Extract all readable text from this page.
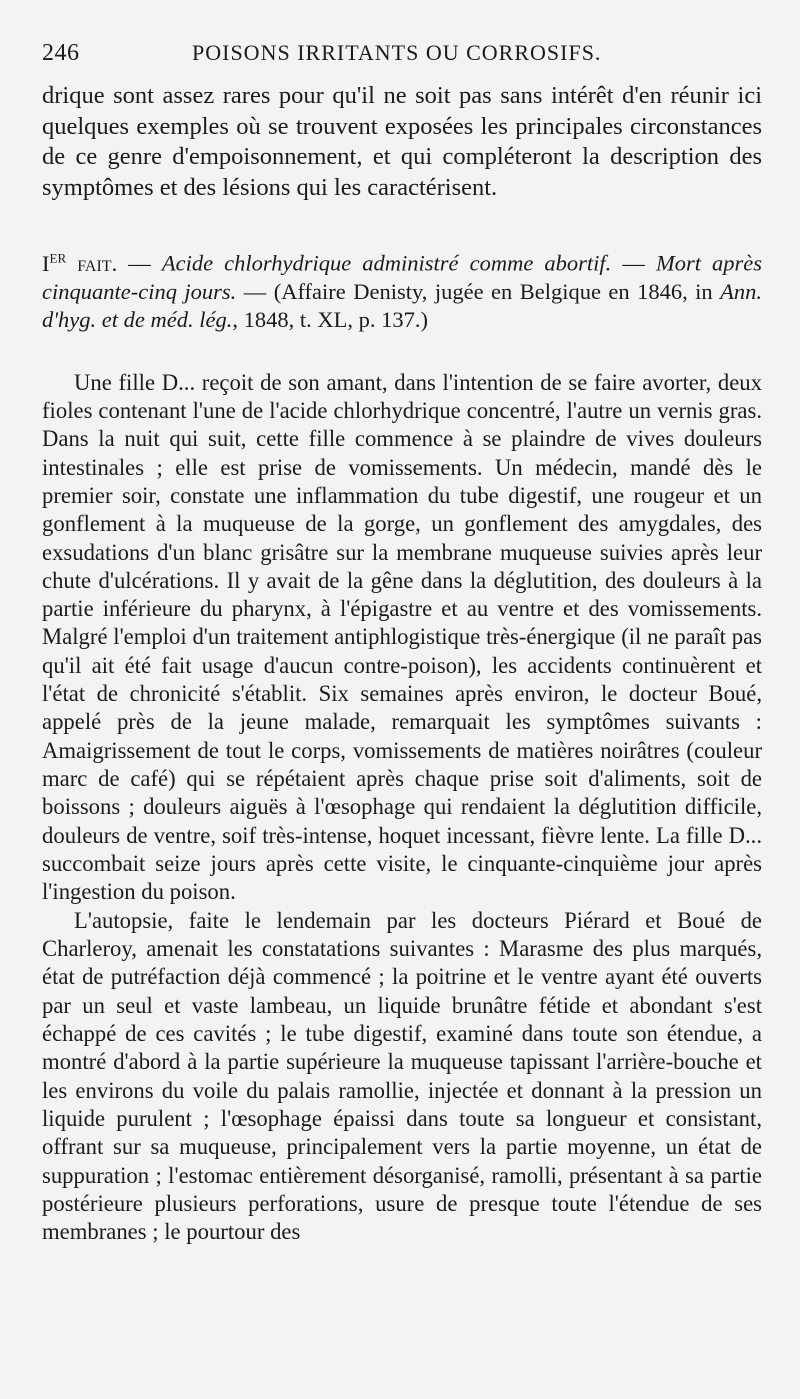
246	POISONS IRRITANTS OU CORROSIFS.

drique sont assez rares pour qu'il ne soit pas sans intérêt d'en réunir ici quelques exemples où se trouvent exposées les principales circonstances de ce genre d'empoisonnement, et qui compléteront la description des symptômes et des lésions qui les caractérisent.

Ier fait. — Acide chlorhydrique administré comme abortif. — Mort après cinquante-cinq jours. — (Affaire Denisty, jugée en Belgique en 1846, in Ann. d'hyg. et de méd. lég., 1848, t. XL, p. 137.)

Une fille D... reçoit de son amant, dans l'intention de se faire avorter, deux fioles contenant l'une de l'acide chlorhydrique concentré, l'autre un vernis gras. Dans la nuit qui suit, cette fille commence à se plaindre de vives douleurs intestinales ; elle est prise de vomissements. Un médecin, mandé dès le premier soir, constate une inflammation du tube digestif, une rougeur et un gonflement à la muqueuse de la gorge, un gonflement des amygdales, des exsudations d'un blanc grisâtre sur la membrane muqueuse suivies après leur chute d'ulcérations. Il y avait de la gêne dans la déglutition, des douleurs à la partie inférieure du pharynx, à l'épigastre et au ventre et des vomissements. Malgré l'emploi d'un traitement antiphlogistique très-énergique (il ne paraît pas qu'il ait été fait usage d'aucun contre-poison), les accidents continuèrent et l'état de chronicité s'établit. Six semaines après environ, le docteur Boué, appelé près de la jeune malade, remarquait les symptômes suivants : Amaigrissement de tout le corps, vomissements de matières noirâtres (couleur marc de café) qui se répétaient après chaque prise soit d'aliments, soit de boissons ; douleurs aiguës à l'œsophage qui rendaient la déglutition difficile, douleurs de ventre, soif très-intense, hoquet incessant, fièvre lente. La fille D... succombait seize jours après cette visite, le cinquante-cinquième jour après l'ingestion du poison.

L'autopsie, faite le lendemain par les docteurs Piérard et Boué de Charleroy, amenait les constatations suivantes : Marasme des plus marqués, état de putréfaction déjà commencé ; la poitrine et le ventre ayant été ouverts par un seul et vaste lambeau, un liquide brunâtre fétide et abondant s'est échappé de ces cavités ; le tube digestif, examiné dans toute son étendue, a montré d'abord à la partie supérieure la muqueuse tapissant l'arrière-bouche et les environs du voile du palais ramollie, injectée et donnant à la pression un liquide purulent ; l'œsophage épaissi dans toute sa longueur et consistant, offrant sur sa muqueuse, principalement vers la partie moyenne, un état de suppuration ; l'estomac entièrement désorganisé, ramolli, présentant à sa partie postérieure plusieurs perforations, usure de presque toute l'étendue de ses membranes ; le pourtour des
